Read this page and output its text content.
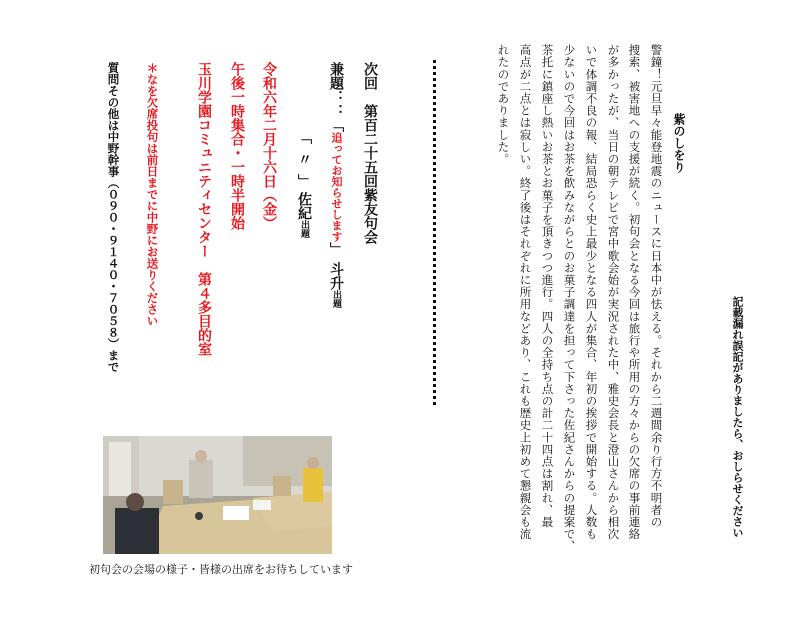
記載漏れ誤記がありましたら、おしらせください
紫のしをり
警鐘！元旦早々能登地震のニュースに日本中が怯える。それから二週間余り行方不明者の
捜索、被害地への支援が続く。初句会となる今回は旅行や所用の方々からの欠席の事前連絡
が多かったが、当日の朝テレビで宮中歌会始が実況された中、雅史会長と澄山さんから相次
いで体調不良の報、結局恐らく史上最少となる四人が集合、年初の挨拶で開始する。人数も
少ないので今回はお茶を飲みながらとのお菓子調達を担って下さった佐紀さんからの提案で、
茶托に鎮座し熱いお茶とお菓子を頂きつつ進行。四人の全持ち点の計二十四点は割れ、最
高点が二点とは寂しい。終了後はそれぞれに所用などあり、これも歴史上初めて懇親会も流
れたのでありました。
次回　第百二十五回紫友句会
兼題：：「追ってお知らせします」斗升出題
「〃」佐紀出題
令和六年二月十六日（金）
午後一時集合・一時半開始
玉川学園コミュニティセンター　第４多目的室
＊なを欠席投句は前日までに中野にお送りください
質問その他は中野幹事（０９０・９１４０・７０５８）まで
初句会の会場の様子・皆様の出席をお待ちしています
